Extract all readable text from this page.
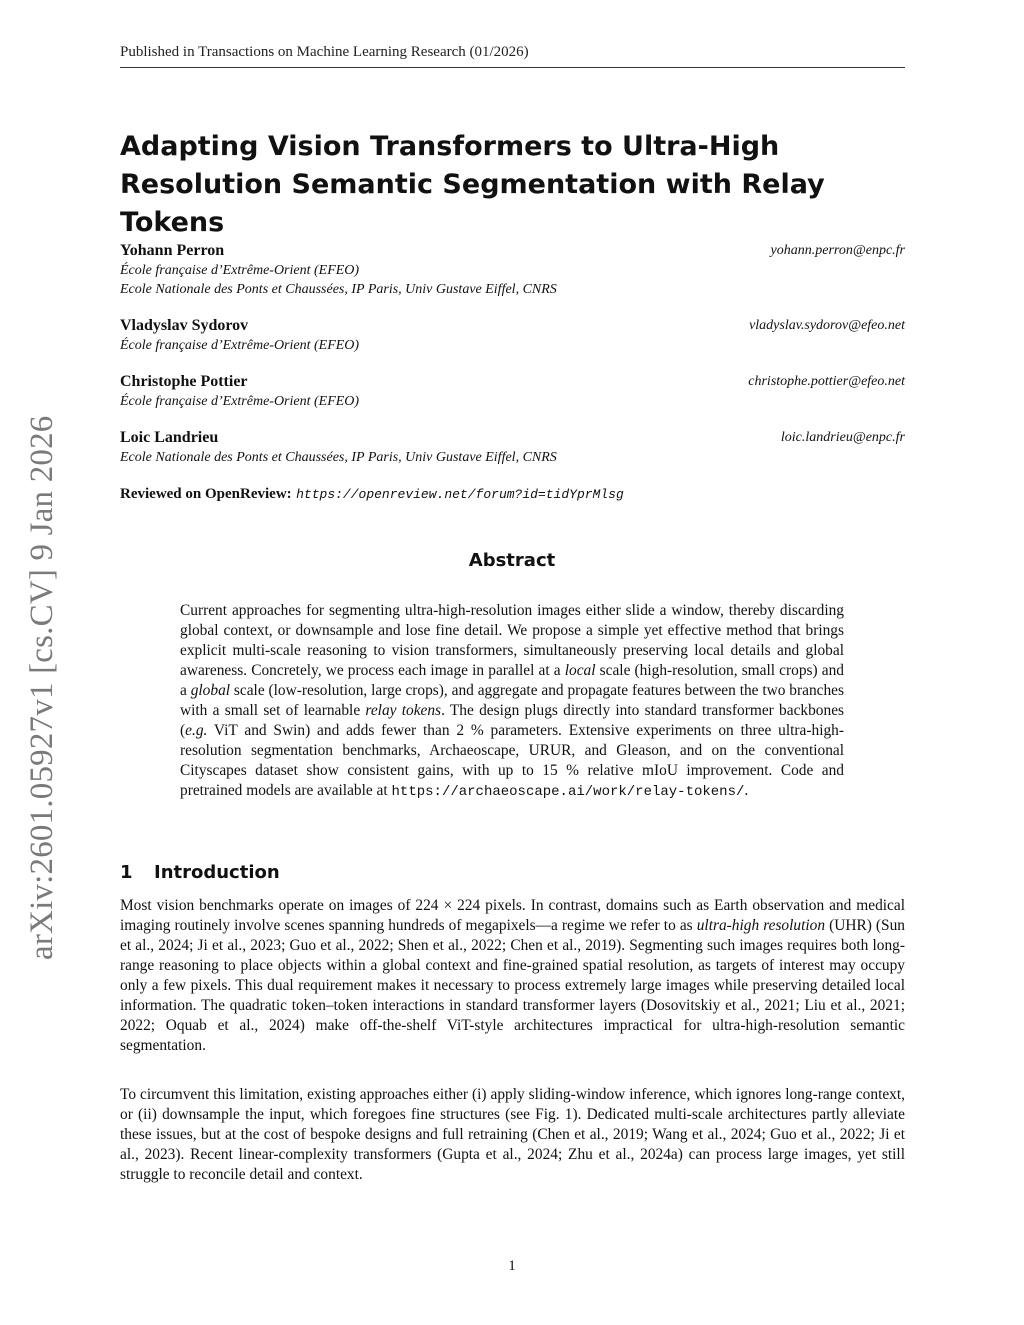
Published in Transactions on Machine Learning Research (01/2026)
arXiv:2601.05927v1 [cs.CV] 9 Jan 2026
Adapting Vision Transformers to Ultra-High Resolution Semantic Segmentation with Relay Tokens
Yohann Perron	yohann.perron@enpc.fr
École française d’Extrême-Orient (EFEO)
Ecole Nationale des Ponts et Chaussées, IP Paris, Univ Gustave Eiffel, CNRS
Vladyslav Sydorov	vladyslav.sydorov@efeo.net
École française d’Extrême-Orient (EFEO)
Christophe Pottier	christophe.pottier@efeo.net
École française d’Extrême-Orient (EFEO)
Loic Landrieu	loic.landrieu@enpc.fr
Ecole Nationale des Ponts et Chaussées, IP Paris, Univ Gustave Eiffel, CNRS
Reviewed on OpenReview: https://openreview.net/forum?id=tidYprMlsg
Abstract

Current approaches for segmenting ultra-high-resolution images either slide a window, thereby discarding global context, or downsample and lose fine detail. We propose a simple yet effective method that brings explicit multi-scale reasoning to vision transformers, simultaneously preserving local details and global awareness. Concretely, we process each image in parallel at a local scale (high-resolution, small crops) and a global scale (low-resolution, large crops), and aggregate and propagate features between the two branches with a small set of learnable relay tokens. The design plugs directly into standard transformer backbones (e.g. ViT and Swin) and adds fewer than 2 % parameters. Extensive experiments on three ultra-high-resolution segmentation benchmarks, Archaeoscape, URUR, and Gleason, and on the conventional Cityscapes dataset show consistent gains, with up to 15 % relative mIoU improvement. Code and pretrained models are available at https://archaeoscape.ai/work/relay-tokens/.

1 Introduction

Most vision benchmarks operate on images of 224 × 224 pixels. In contrast, domains such as Earth observation and medical imaging routinely involve scenes spanning hundreds of megapixels—a regime we refer to as ultra-high resolution (UHR) (Sun et al., 2024; Ji et al., 2023; Guo et al., 2022; Shen et al., 2022; Chen et al., 2019). Segmenting such images requires both long-range reasoning to place objects within a global context and fine-grained spatial resolution, as targets of interest may occupy only a few pixels. This dual requirement makes it necessary to process extremely large images while preserving detailed local information. The quadratic token–token interactions in standard transformer layers (Dosovitskiy et al., 2021; Liu et al., 2021; 2022; Oquab et al., 2024) make off-the-shelf ViT-style architectures impractical for ultra-high-resolution semantic segmentation.

To circumvent this limitation, existing approaches either (i) apply sliding-window inference, which ignores long-range context, or (ii) downsample the input, which foregoes fine structures (see Fig. 1). Dedicated multi-scale architectures partly alleviate these issues, but at the cost of bespoke designs and full retraining (Chen et al., 2019; Wang et al., 2024; Guo et al., 2022; Ji et al., 2023). Recent linear-complexity transformers (Gupta et al., 2024; Zhu et al., 2024a) can process large images, yet still struggle to reconcile detail and context.

1
